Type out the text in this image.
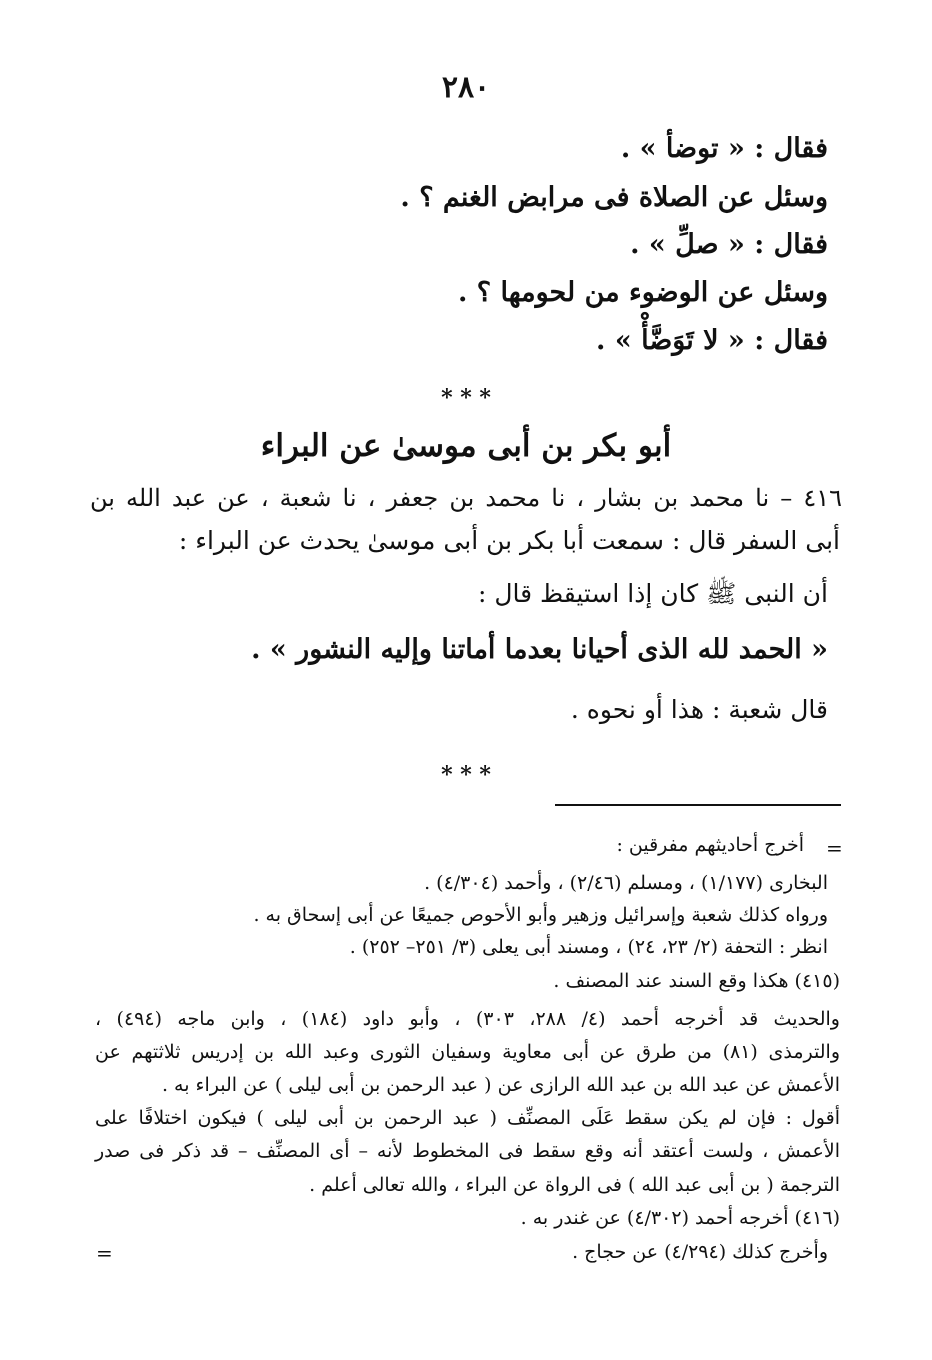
٢٨٠
فقال : « توضأ » .
وسئل عن الصلاة فى مرابض الغنم ؟ .
فقال : « صلِّ » .
وسئل عن الوضوء من لحومها ؟ .
فقال : « لا تَوَضَّأْ » .
* * *
أبو بكر بن أبى موسىٰ عن البراء
٤١٦ – نا محمد بن بشار ، نا محمد بن جعفر ، نا شعبة ، عن عبد الله بن
أبى السفر قال : سمعت أبا بكر بن أبى موسىٰ يحدث عن البراء :
أن النبى ﷺ كان إذا استيقظ قال :
« الحمد لله الذى أحيانا بعدما أماتنا وإليه النشور » .
قال شعبة : هذا أو نحوه .
* * *
=
أخرج أحاديثهم مفرقين :
البخارى (١/١٧٧) ، ومسلم (٢/٤٦) ، وأحمد (٤/٣٠٤) .
ورواه كذلك شعبة وإسرائيل وزهير وأبو الأحوص جميعًا عن أبى إسحاق به .
انظر : التحفة (٢/ ٢٣، ٢٤) ، ومسند أبى يعلى (٣/ ٢٥١– ٢٥٢) .
(٤١٥) هكذا وقع السند عند المصنف .
والحديث قد أخرجه أحمد (٤/ ٢٨٨، ٣٠٣) ، وأبو داود (١٨٤) ، وابن ماجه (٤٩٤) ،
والترمذى (٨١) من طرق عن أبى معاوية وسفيان الثورى وعبد الله بن إدريس ثلاثتهم عن
الأعمش عن عبد الله بن عبد الله الرازى عن ( عبد الرحمن بن أبى ليلى ) عن البراء به .
أقول : فإن لم يكن سقط عَلَى المصنِّف ( عبد الرحمن بن أبى ليلى ) فيكون اختلافًا على
الأعمش ، ولست أعتقد أنه وقع سقط فى المخطوط لأنه – أى المصنِّف – قد ذكر فى صدر
الترجمة ( بن أبى عبد الله ) فى الرواة عن البراء ، والله تعالى أعلم .
(٤١٦) أخرجه أحمد (٤/٣٠٢) عن غندر به .
وأخرج كذلك (٤/٢٩٤) عن حجاج .
=
